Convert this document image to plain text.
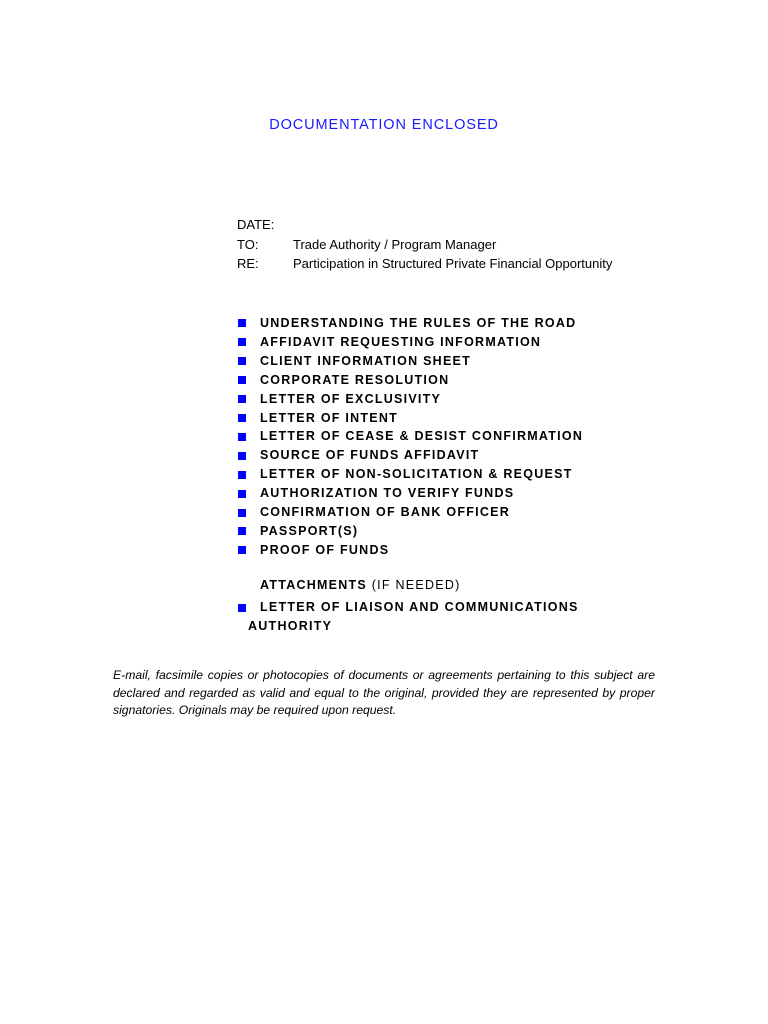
DOCUMENTATION ENCLOSED
DATE:
TO:	Trade Authority / Program Manager
RE:	Participation in Structured Private Financial Opportunity
UNDERSTANDING THE RULES OF THE ROAD
AFFIDAVIT REQUESTING INFORMATION
CLIENT INFORMATION SHEET
CORPORATE RESOLUTION
LETTER OF EXCLUSIVITY
LETTER OF INTENT
LETTER OF CEASE & DESIST CONFIRMATION
SOURCE OF FUNDS AFFIDAVIT
LETTER OF NON-SOLICITATION & REQUEST
AUTHORIZATION TO VERIFY FUNDS
CONFIRMATION OF BANK OFFICER
PASSPORT(S)
PROOF OF FUNDS
ATTACHMENTS (IF NEEDED)
LETTER OF LIAISON AND COMMUNICATIONS
AUTHORITY

E-mail, facsimile copies or photocopies of documents or agreements pertaining to this subject are declared and regarded as valid and equal to the original, provided they are represented by proper signatories. Originals may be required upon request.
